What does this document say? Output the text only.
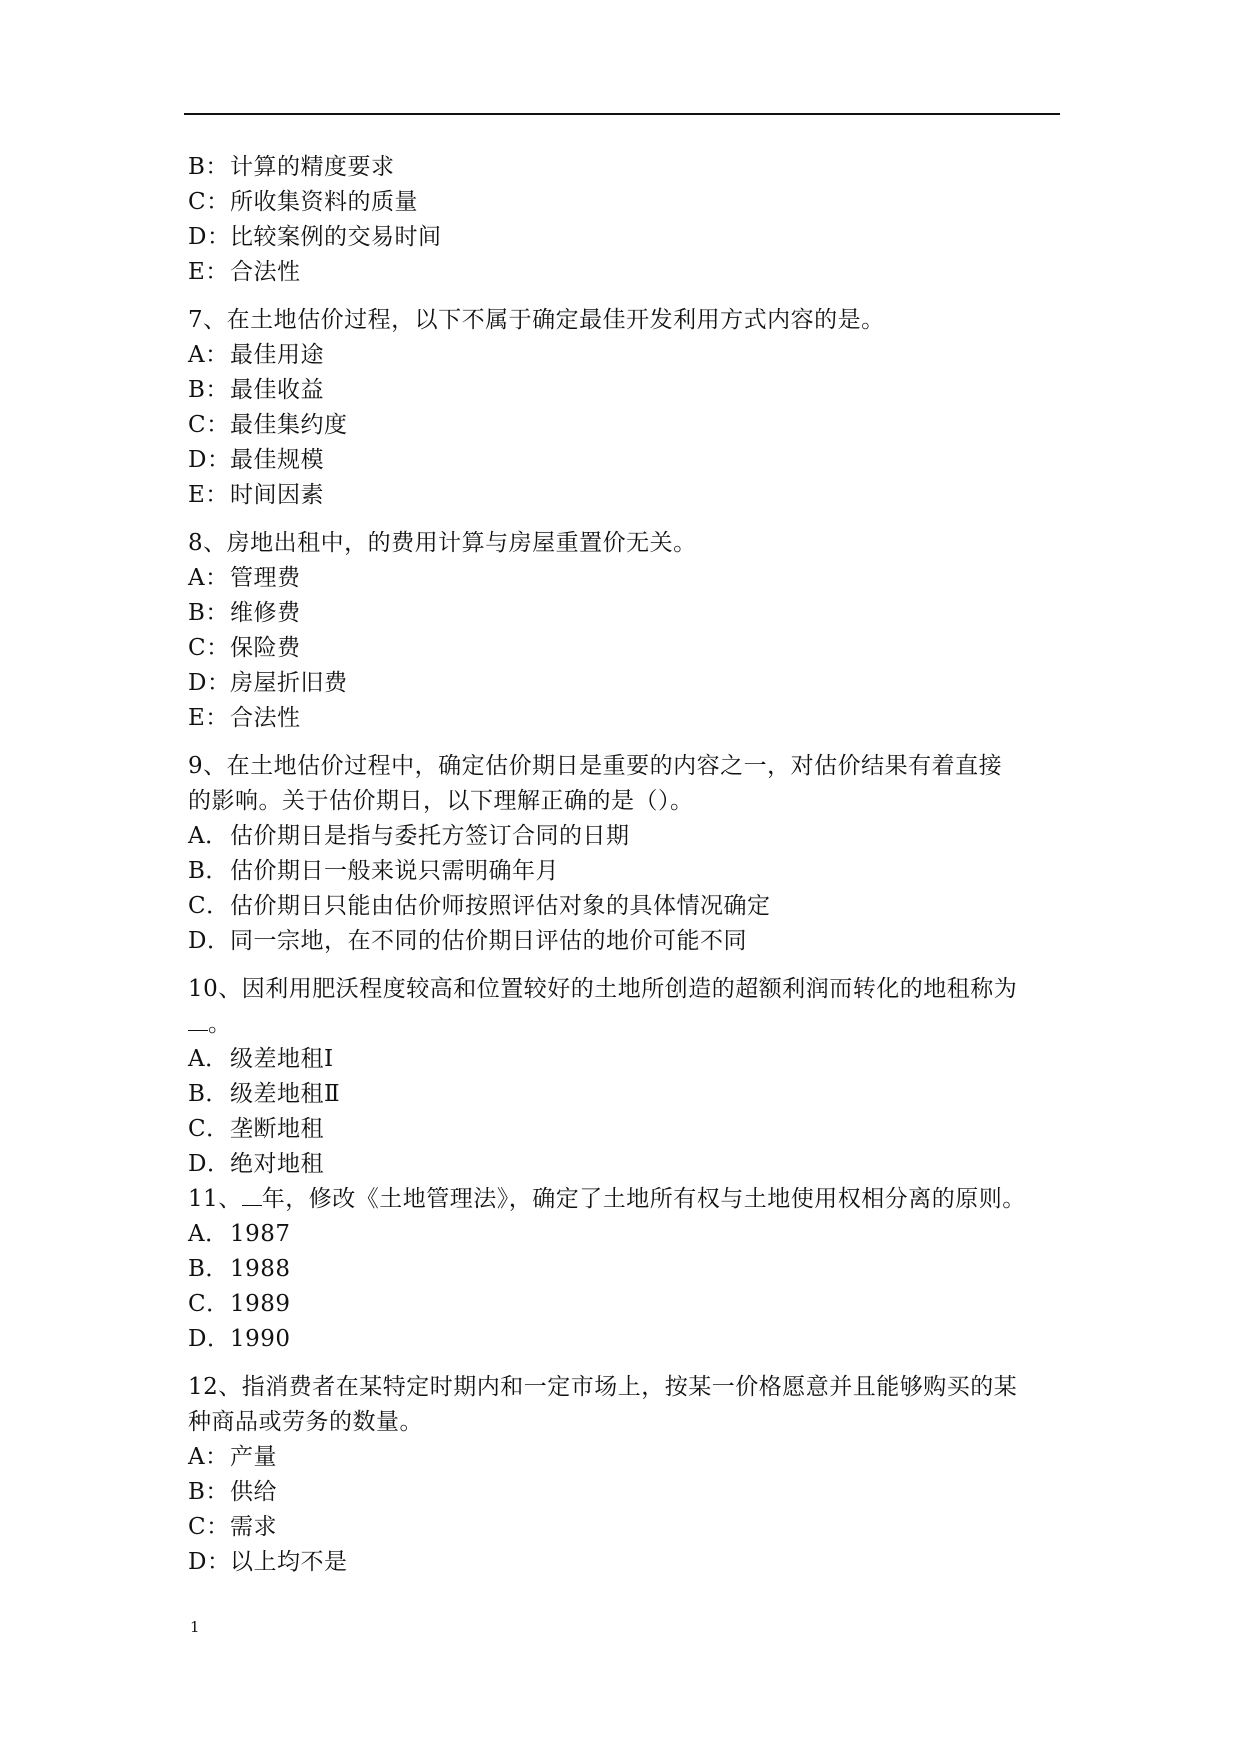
B：计算的精度要求
C：所收集资料的质量
D：比较案例的交易时间
E：合法性
7、在土地估价过程，以下不属于确定最佳开发利用方式内容的是。
A：最佳用途
B：最佳收益
C：最佳集约度
D：最佳规模
E：时间因素
8、房地出租中，的费用计算与房屋重置价无关。
A：管理费
B：维修费
C：保险费
D：房屋折旧费
E：合法性
9、在土地估价过程中，确定估价期日是重要的内容之一，对估价结果有着直接
的影响。关于估价期日，以下理解正确的是（）。
A．估价期日是指与委托方签订合同的日期
B．估价期日一般来说只需明确年月
C．估价期日只能由估价师按照评估对象的具体情况确定
D．同一宗地，在不同的估价期日评估的地价可能不同
10、因利用肥沃程度较高和位置较好的土地所创造的超额利润而转化的地租称为
。
A．级差地租Ⅰ
B．级差地租Ⅱ
C．垄断地租
D．绝对地租
11、 年，修改《土地管理法》，确定了土地所有权与土地使用权相分离的原则。
A．1987
B．1988
C．1989
D．1990
12、指消费者在某特定时期内和一定市场上，按某一价格愿意并且能够购买的某
种商品或劳务的数量。
A：产量
B：供给
C：需求
D：以上均不是
1
